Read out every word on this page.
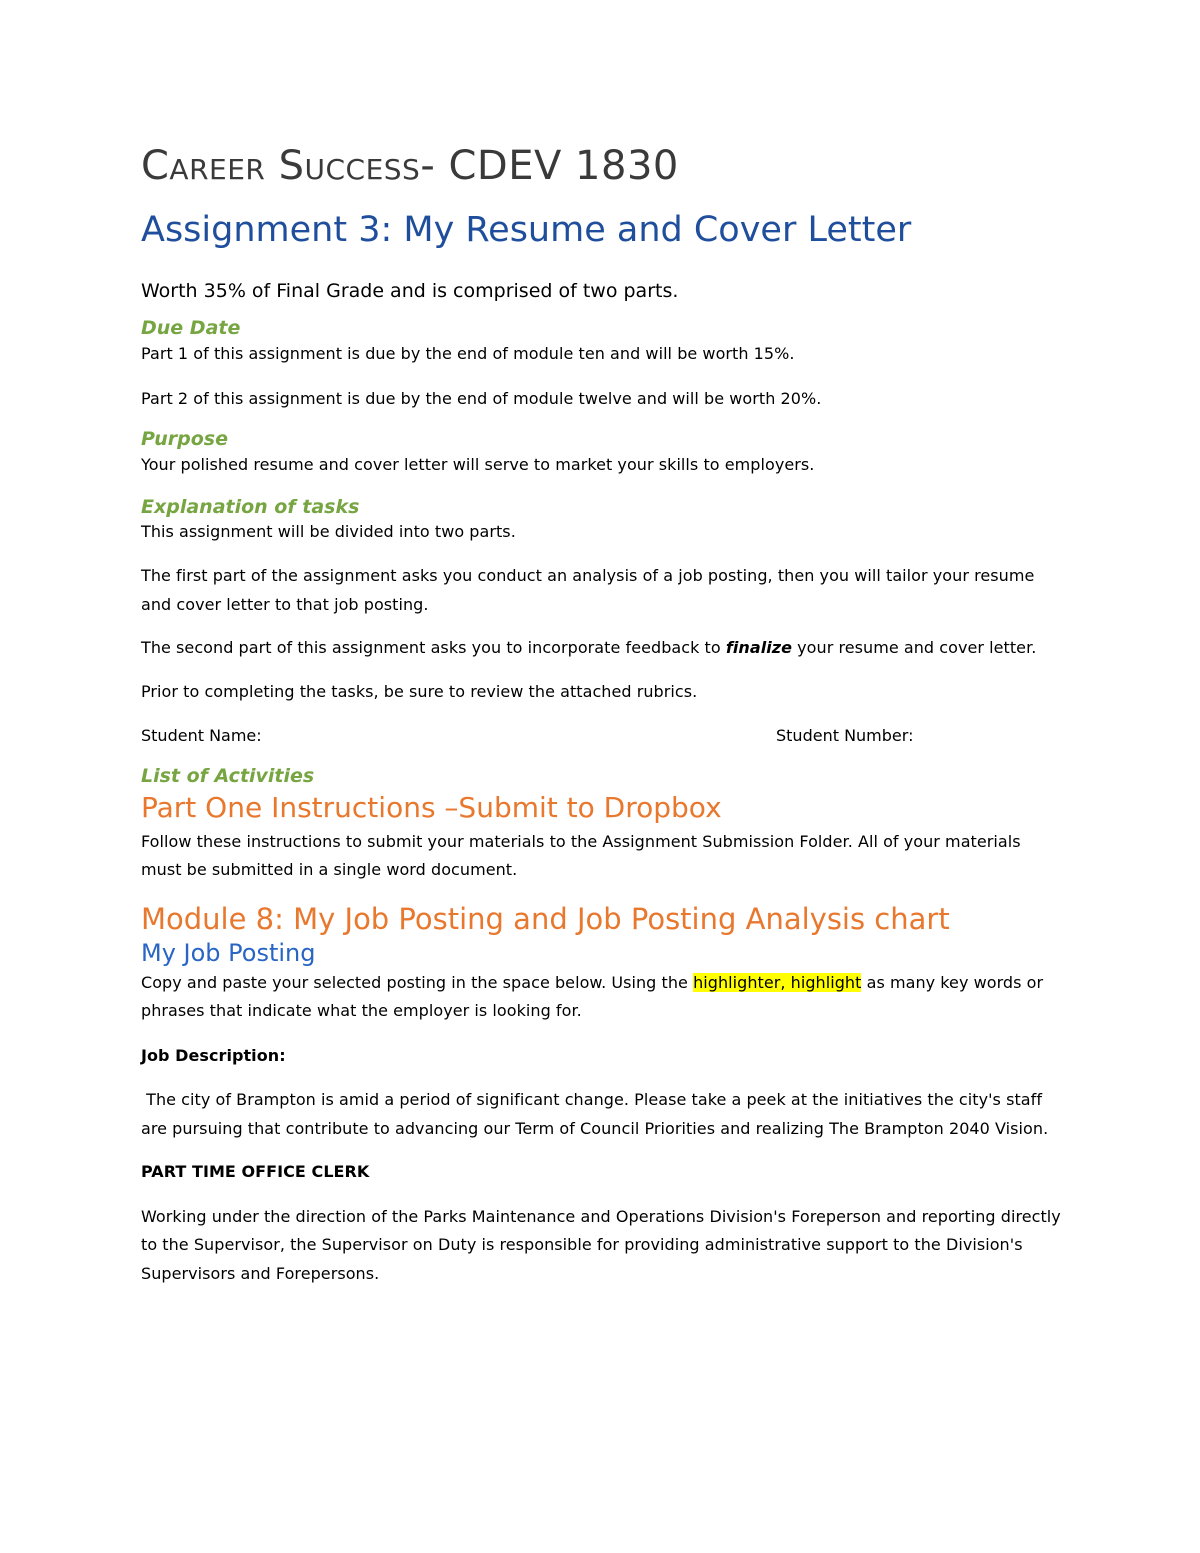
Career Success- CDEV 1830
Assignment 3: My Resume and Cover Letter

Worth 35% of Final Grade and is comprised of two parts.

Due Date

Part 1 of this assignment is due by the end of module ten and will be worth 15%.

Part 2 of this assignment is due by the end of module twelve and will be worth 20%.

Purpose

Your polished resume and cover letter will serve to market your skills to employers.

Explanation of tasks

This assignment will be divided into two parts.

The first part of the assignment asks you conduct an analysis of a job posting, then you will tailor your resume and cover letter to that job posting.

The second part of this assignment asks you to incorporate feedback to finalize your resume and cover letter.

Prior to completing the tasks, be sure to review the attached rubrics.

Student Name:	Student Number:
List of Activities
Part One Instructions –Submit to Dropbox

Follow these instructions to submit your materials to the Assignment Submission Folder. All of your materials must be submitted in a single word document.

Module 8: My Job Posting and Job Posting Analysis chart
My Job Posting

Copy and paste your selected posting in the space below. Using the highlighter, highlight as many key words or phrases that indicate what the employer is looking for.

Job Description:

The city of Brampton is amid a period of significant change. Please take a peek at the initiatives the city's staff are pursuing that contribute to advancing our Term of Council Priorities and realizing The Brampton 2040 Vision.

PART TIME OFFICE CLERK

Working under the direction of the Parks Maintenance and Operations Division's Foreperson and reporting directly to the Supervisor, the Supervisor on Duty is responsible for providing administrative support to the Division's Supervisors and Forepersons.
